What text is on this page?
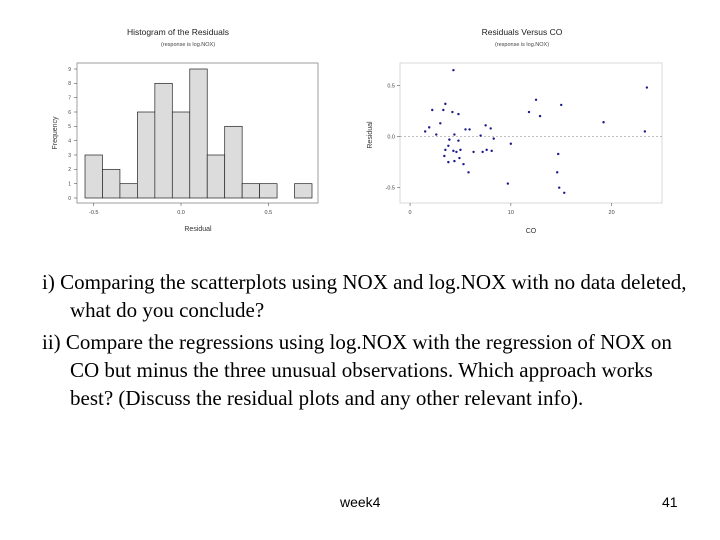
Histogram of the Residuals
(response is log.NOX)
0
1
2
3
4
5
6
7
8
9
-0.5	0.0	0.5
Residual
Frequency
Residuals Versus CO
(response is log.NOX)
-0.5
0.0
0.5
0	10	20
CO
Residual

i) Comparing the scatterplots using NOX and log.NOX with no data deleted, what do you conclude?

ii) Compare the regressions using log.NOX with the regression of NOX on CO but minus the three unusual observations. Which approach works best? (Discuss the residual plots and any other relevant info).

week4	41
